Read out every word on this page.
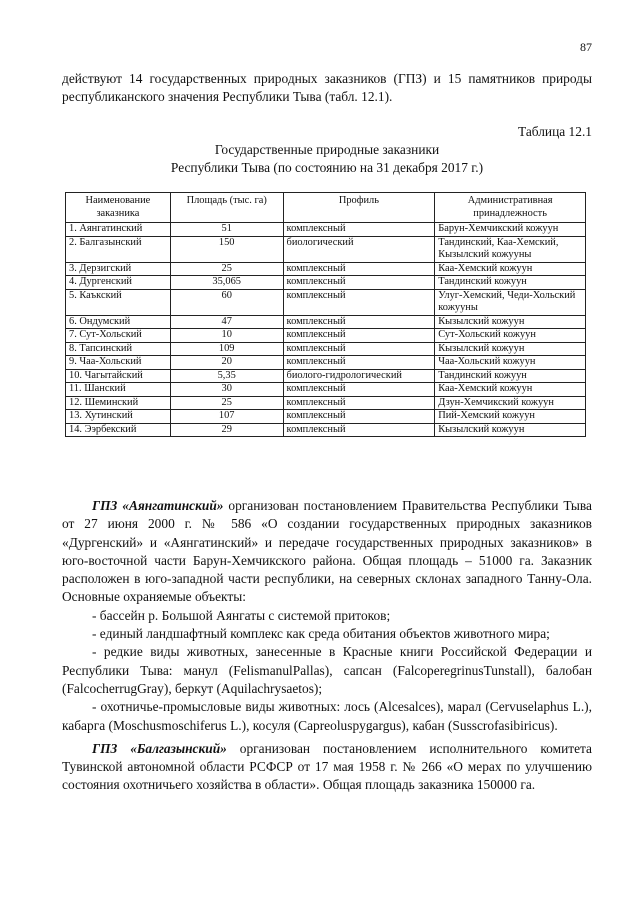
87
действуют 14 государственных природных заказников (ГПЗ) и 15 памятников природы республиканского значения Республики Тыва (табл. 12.1).
Таблица 12.1
Государственные природные заказники
Республики Тыва (по состоянию на 31 декабря 2017 г.)
Наименование заказника	Площадь (тыс. га)	Профиль	Административная принадлежность
1. Аянгатинский	51	комплексный	Барун-Хемчикский кожуун
2. Балгазынский	150	биологический	Тандинский, Каа-Хемский, Кызылский кожууны
3. Дерзигский	25	комплексный	Каа-Хемский кожуун
4. Дургенский	35,065	комплексный	Тандинский кожуун
5. Каъкский	60	комплексный	Улуг-Хемский, Чеди-Хольский кожууны
6. Ондумский	47	комплексный	Кызылский кожуун
7. Сут-Хольский	10	комплексный	Сут-Хольский кожуун
8. Тапсинский	109	комплексный	Кызылский кожуун
9. Чаа-Хольский	20	комплексный	Чаа-Хольский кожуун
10. Чагытайский	5,35	биолого-гидрологический	Тандинский кожуун
11. Шанский	30	комплексный	Каа-Хемский кожуун
12. Шеминский	25	комплексный	Дзун-Хемчикский кожуун
13. Хутинский	107	комплексный	Пий-Хемский кожуун
14. Ээрбекский	29	комплексный	Кызылский кожуун

ГПЗ «Аянгатинский» организован постановлением Правительства Республики Тыва от 27 июня 2000 г. № 586 «О создании государственных природных заказников «Дургенский» и «Аянгатинский» и передаче государственных природных заказников» в юго-восточной части Барун-Хемчикского района. Общая площадь – 51000 га. Заказник расположен в юго-западной части республики, на северных склонах западного Танну-Ола. Основные охраняемые объекты:

- бассейн р. Большой Аянгаты с системой притоков;

- единый ландшафтный комплекс как среда обитания объектов животного мира;

- редкие виды животных, занесенные в Красные книги Российской Федерации и Республики Тыва: манул (FelismanulPallas), сапсан (FalcoperegrinusTunstall), балобан (FalcocherrugGray), беркут (Aquilachrysaetos);

- охотничье-промысловые виды животных: лось (Alcesalces), марал (Cervuselaphus L.), кабарга (Moschusmoschiferus L.), косуля (Capreoluspygargus), кабан (Susscrofasibiricus).

ГПЗ «Балгазынский» организован постановлением исполнительного комитета Тувинской автономной области РСФСР от 17 мая 1958 г. № 266 «О мерах по улучшению состояния охотничьего хозяйства в области». Общая площадь заказника 150000 га.
